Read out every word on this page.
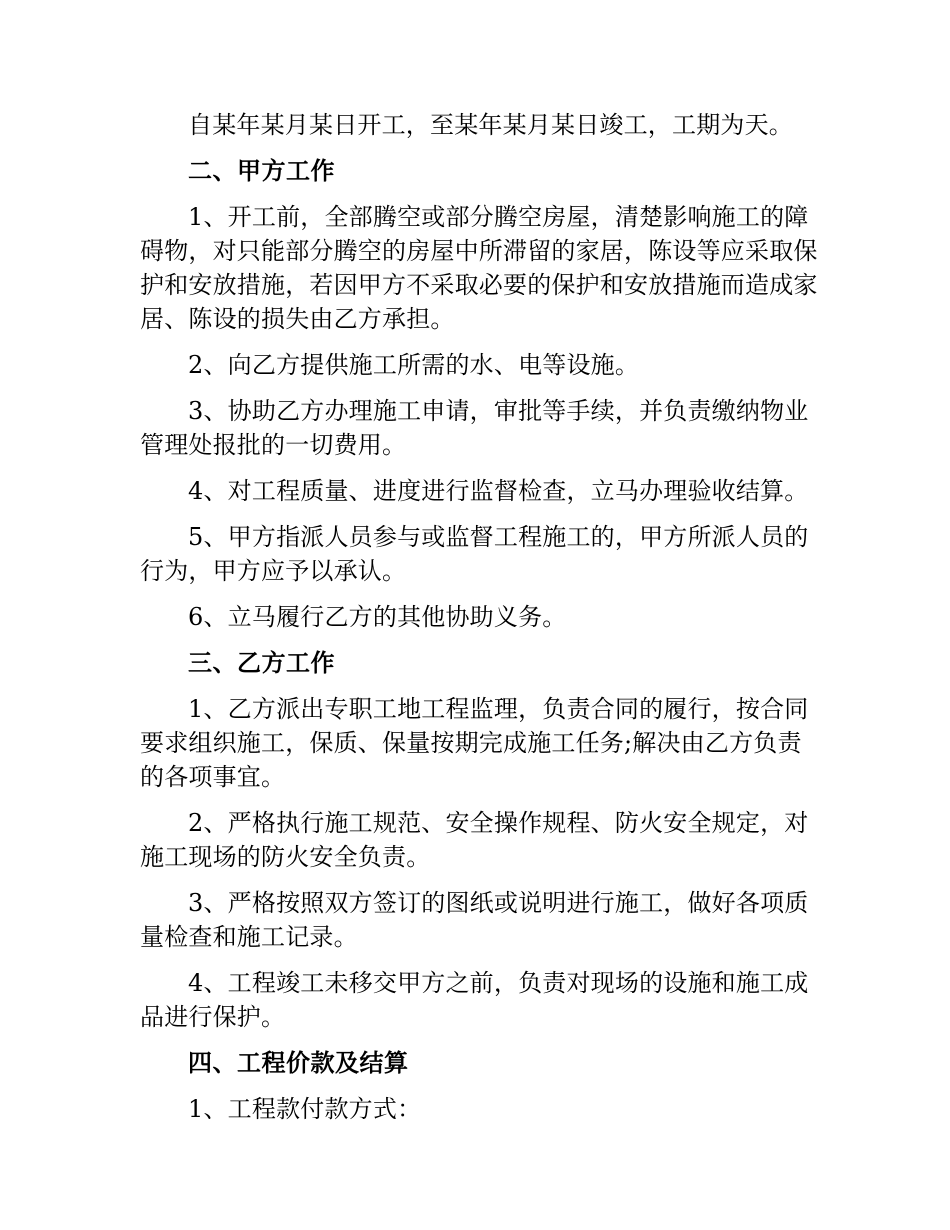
自某年某月某日开工，至某年某月某日竣工，工期为天。

二、甲方工作

1、开工前，全部腾空或部分腾空房屋，清楚影响施工的障碍物，对只能部分腾空的房屋中所滞留的家居，陈设等应采取保护和安放措施，若因甲方不采取必要的保护和安放措施而造成家居、陈设的损失由乙方承担。

2、向乙方提供施工所需的水、电等设施。

3、协助乙方办理施工申请，审批等手续，并负责缴纳物业管理处报批的一切费用。

4、对工程质量、进度进行监督检查，立马办理验收结算。

5、甲方指派人员参与或监督工程施工的，甲方所派人员的行为，甲方应予以承认。

6、立马履行乙方的其他协助义务。

三、乙方工作

1、乙方派出专职工地工程监理，负责合同的履行，按合同要求组织施工，保质、保量按期完成施工任务;解决由乙方负责的各项事宜。

2、严格执行施工规范、安全操作规程、防火安全规定，对施工现场的防火安全负责。

3、严格按照双方签订的图纸或说明进行施工，做好各项质量检查和施工记录。

4、工程竣工未移交甲方之前，负责对现场的设施和施工成品进行保护。

四、工程价款及结算

1、工程款付款方式：
